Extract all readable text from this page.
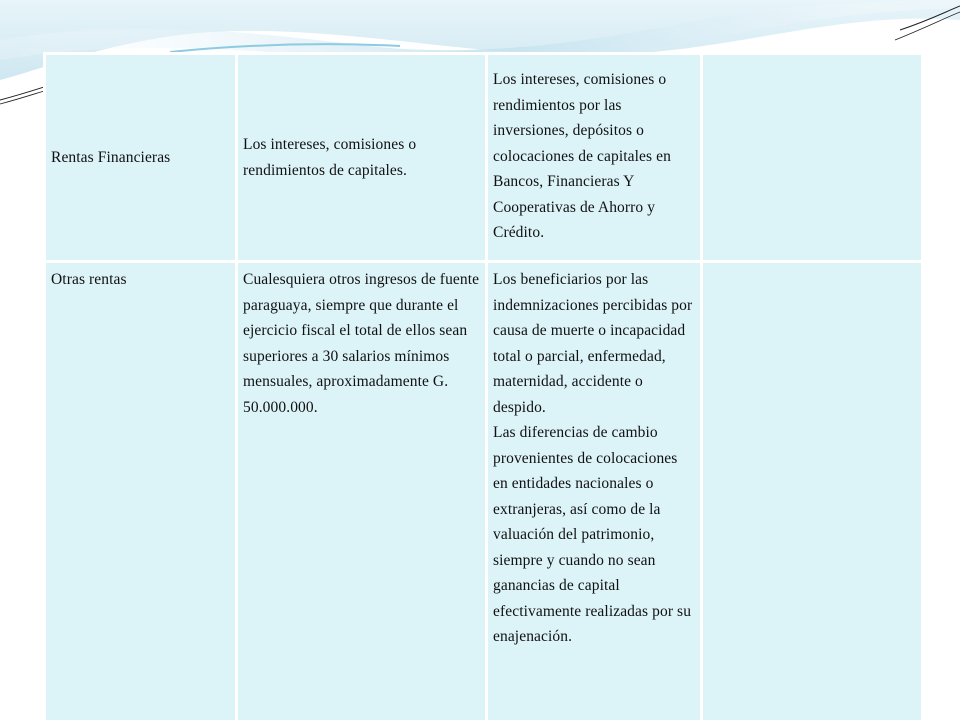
Rentas Financieras	Los intereses, comisiones o rendimientos de capitales.	Los intereses, comisiones o rendimientos por las inversiones, depósitos o colocaciones de capitales en Bancos, Financieras Y Cooperativas de Ahorro y Crédito.	

Otras rentas	Cualesquiera otros ingresos de fuente paraguaya, siempre que durante el ejercicio fiscal el total de ellos sean superiores a 30 salarios mínimos mensuales, aproximadamente G. 50.000.000.	Los beneficiarios por las indemnizaciones percibidas por causa de muerte o incapacidad total o parcial, enfermedad, maternidad, accidente o despido.
Las diferencias de cambio provenientes de colocaciones en entidades nacionales o extranjeras, así como de la valuación del patrimonio, siempre y cuando no sean ganancias de capital efectivamente realizadas por su enajenación.	
